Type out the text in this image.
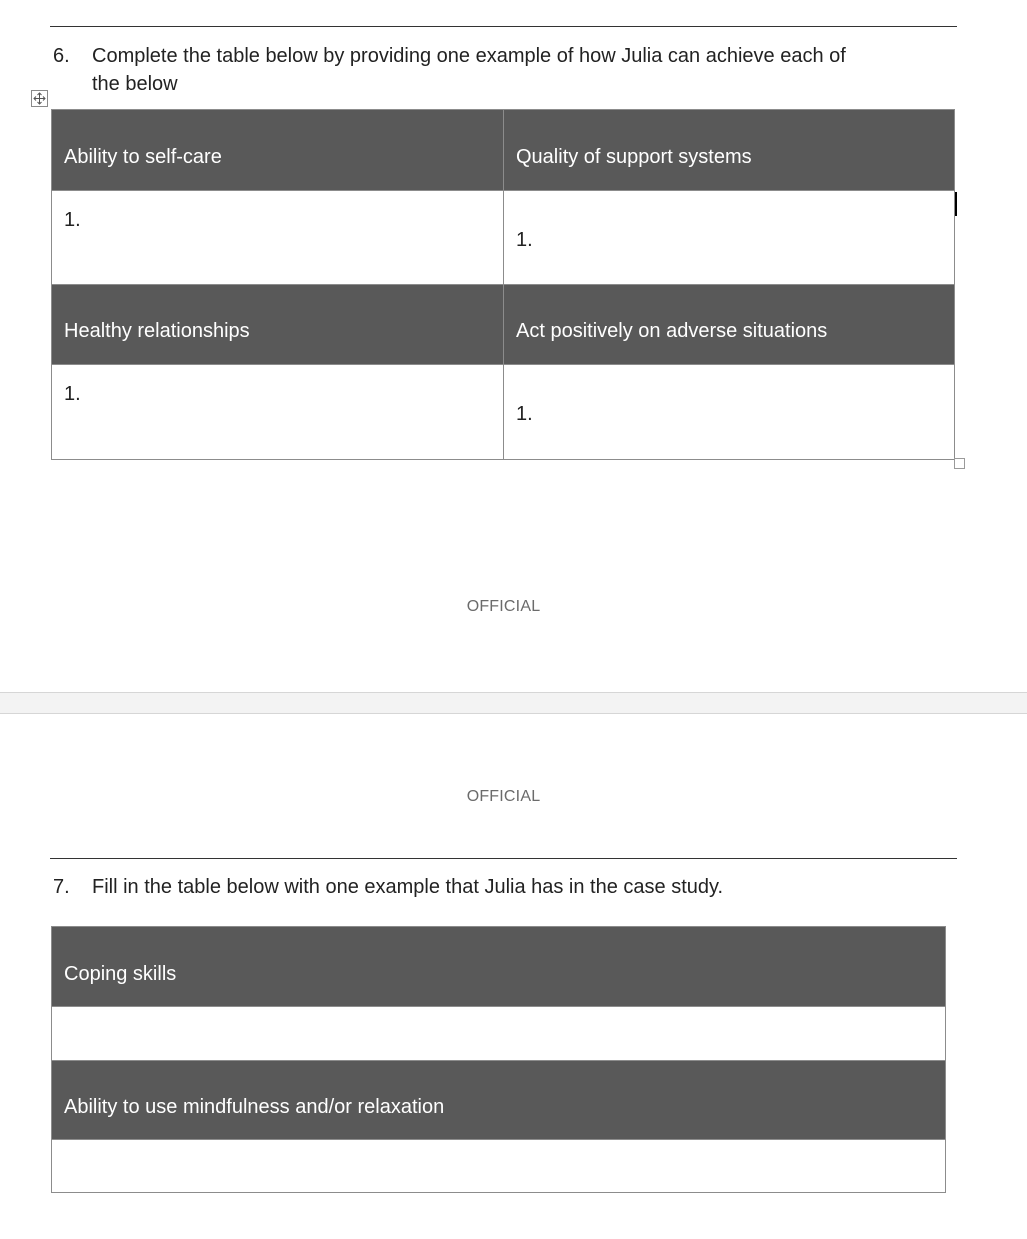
6. Complete the table below by providing one example of how Julia can achieve each of
the below
Ability to self-care	Quality of support systems

1.	1.

Healthy relationships	Act positively on adverse situations

1.	1.
OFFICIAL
OFFICIAL
7. Fill in the table below with one example that Julia has in the case study.
Coping skills

Ability to use mindfulness and/or relaxation
